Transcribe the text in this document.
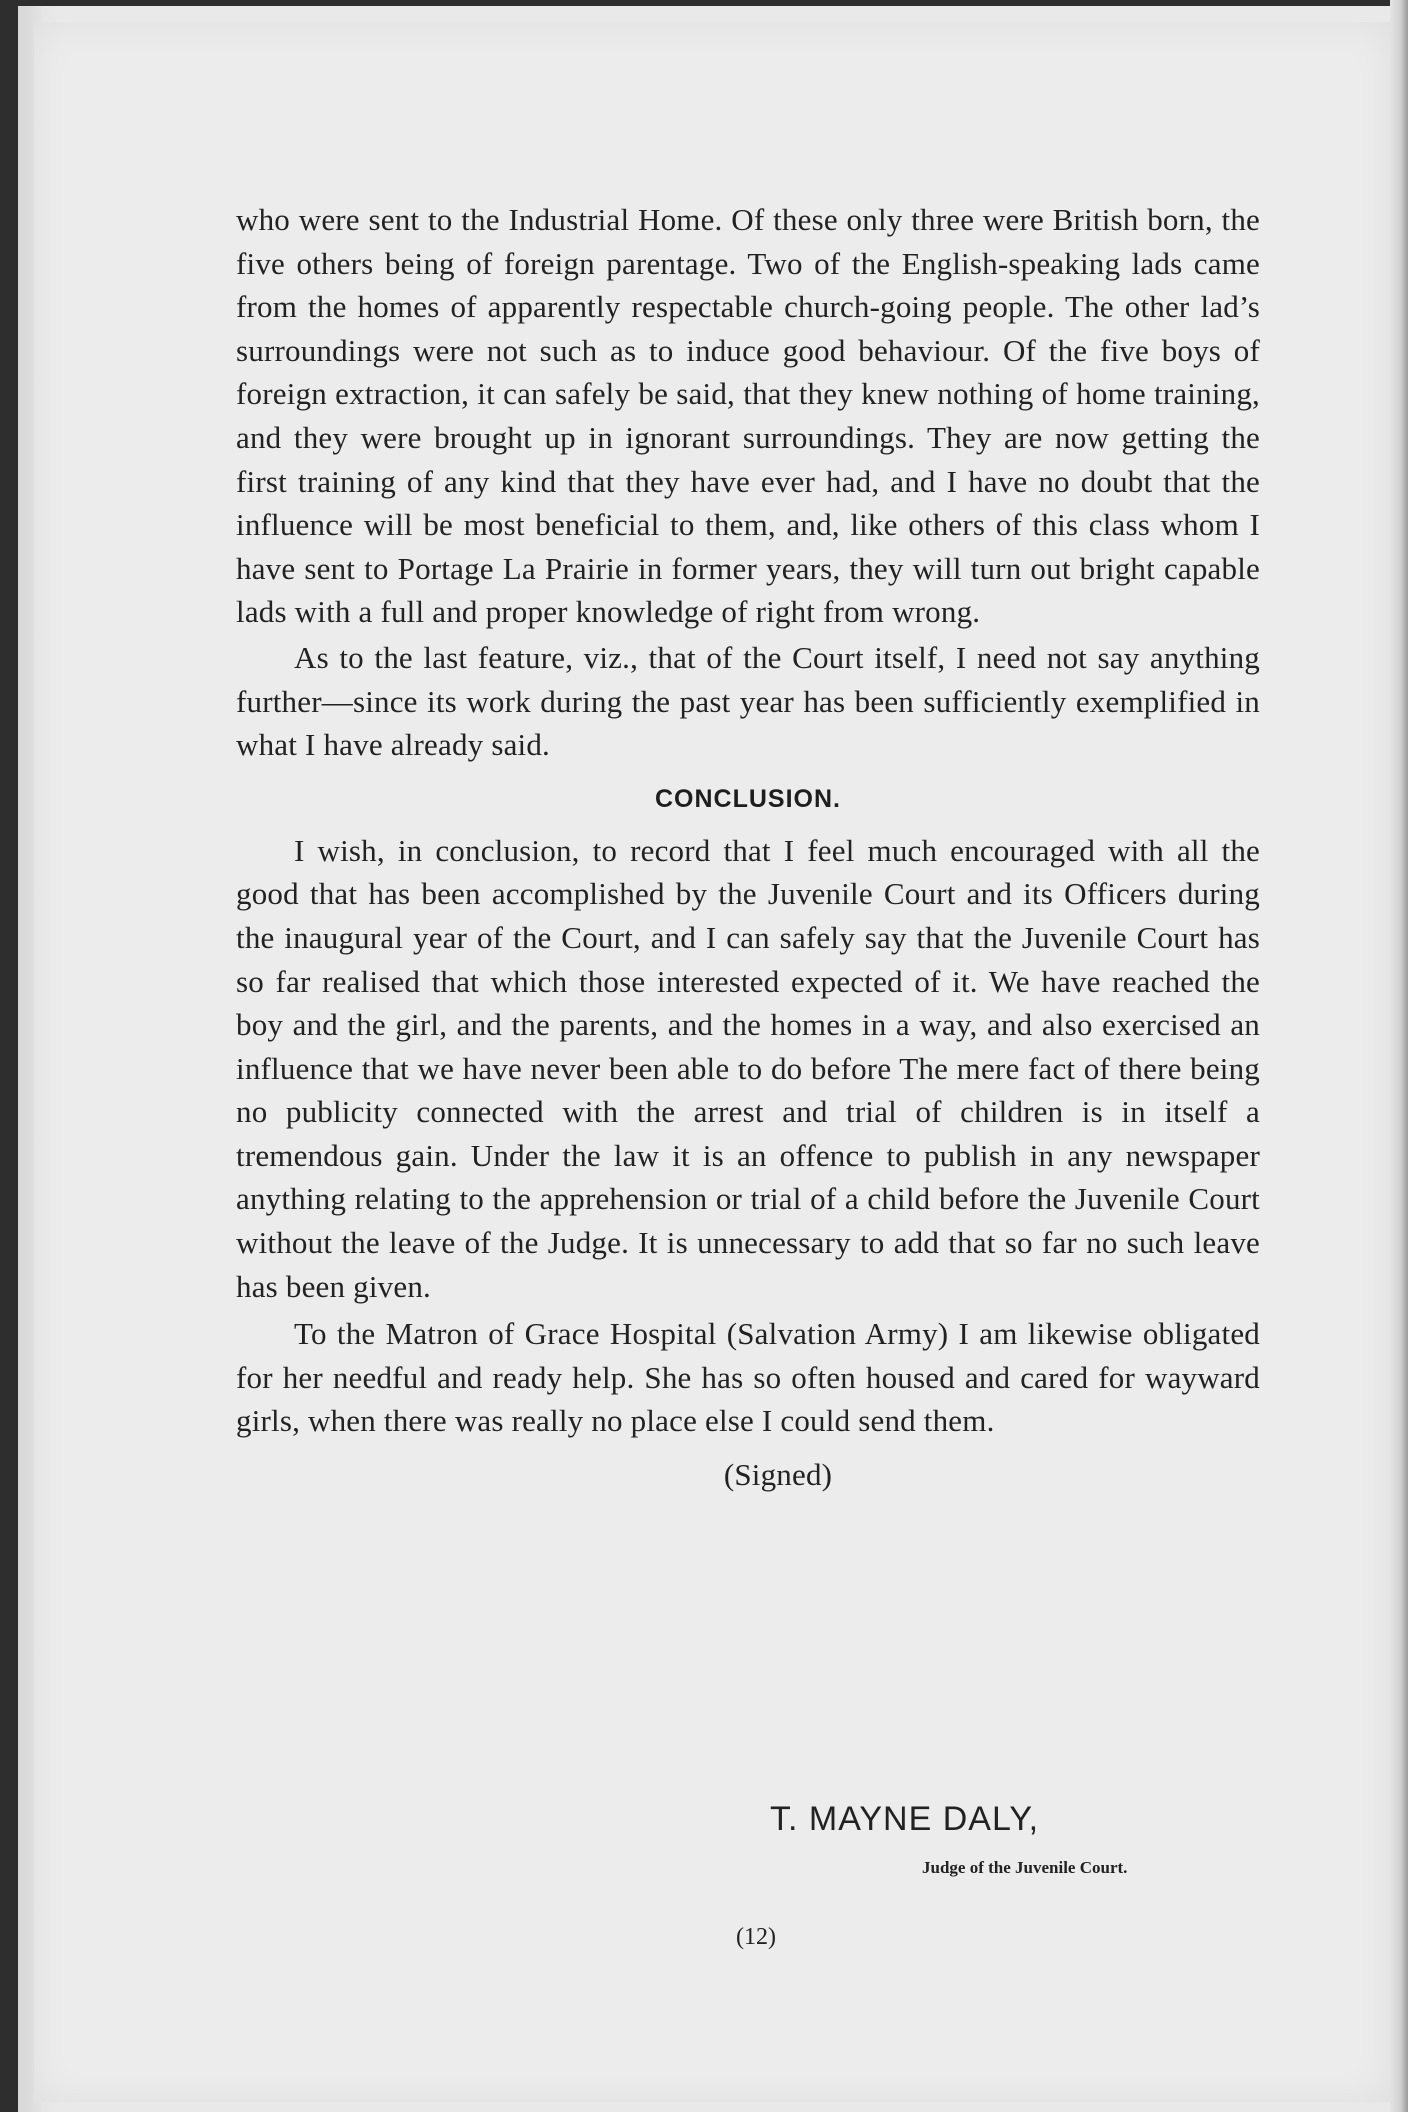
who were sent to the Industrial Home. Of these only three were British born, the five others being of foreign parentage. Two of the English-speaking lads came from the homes of apparently respectable church-going people. The other lad’s surroundings were not such as to induce good behaviour. Of the five boys of foreign extraction, it can safely be said, that they knew nothing of home training, and they were brought up in ignorant surroundings. They are now getting the first training of any kind that they have ever had, and I have no doubt that the influence will be most beneficial to them, and, like others of this class whom I have sent to Portage La Prairie in former years, they will turn out bright capable lads with a full and proper knowledge of right from wrong.

As to the last feature, viz., that of the Court itself, I need not say anything further—since its work during the past year has been sufficiently exemplified in what I have already said.

CONCLUSION.

I wish, in conclusion, to record that I feel much encouraged with all the good that has been accomplished by the Juvenile Court and its Officers during the inaugural year of the Court, and I can safely say that the Juvenile Court has so far realised that which those interested expected of it. We have reached the boy and the girl, and the parents, and the homes in a way, and also exercised an influence that we have never been able to do before The mere fact of there being no publicity connected with the arrest and trial of children is in itself a tremendous gain. Under the law it is an offence to publish in any newspaper anything relating to the apprehension or trial of a child before the Juvenile Court without the leave of the Judge. It is unnecessary to add that so far no such leave has been given.

To the Matron of Grace Hospital (Salvation Army) I am likewise obligated for her needful and ready help. She has so often housed and cared for wayward girls, when there was really no place else I could send them.

(Signed)
T. MAYNE DALY,
Judge of the Juvenile Court.
(12)
